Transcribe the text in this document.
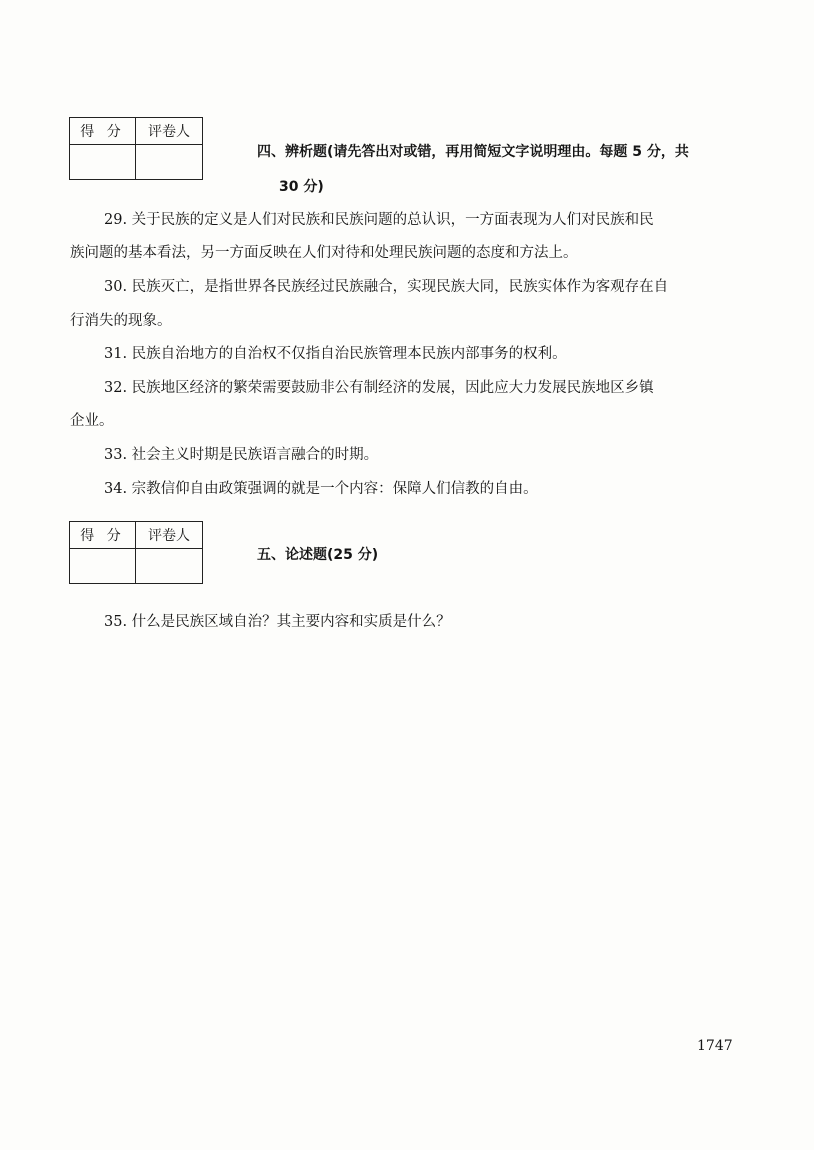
得 分	评卷人

四、辨析题(请先答出对或错，再用简短文字说明理由。每题 5 分，共

30 分)

29. 关于民族的定义是人们对民族和民族问题的总认识，一方面表现为人们对民族和民

族问题的基本看法，另一方面反映在人们对待和处理民族问题的态度和方法上。

30. 民族灭亡，是指世界各民族经过民族融合，实现民族大同，民族实体作为客观存在自

行消失的现象。

31. 民族自治地方的自治权不仅指自治民族管理本民族内部事务的权利。

32. 民族地区经济的繁荣需要鼓励非公有制经济的发展，因此应大力发展民族地区乡镇

企业。

33. 社会主义时期是民族语言融合的时期。

34. 宗教信仰自由政策强调的就是一个内容：保障人们信教的自由。

得 分	评卷人

五、论述题(25 分)

35. 什么是民族区域自治？其主要内容和实质是什么？

1747
